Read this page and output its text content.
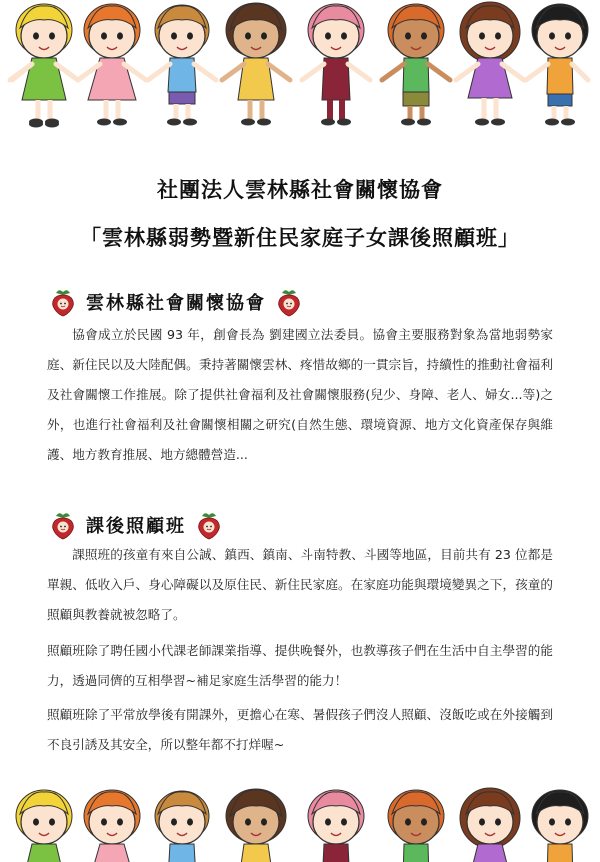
社團法人雲林縣社會關懷協會
「雲林縣弱勢暨新住民家庭子女課後照顧班」
雲林縣社會關懷協會
協會成立於民國 93 年，創會長為 劉建國立法委員。協會主要服務對象為當地弱勢家庭、新住民以及大陸配偶。秉持著關懷雲林、疼惜故鄉的一貫宗旨，持續性的推動社會福利及社會關懷工作推展。除了提供社會福利及社會關懷服務(兒少、身障、老人、婦女...等)之外，也進行社會福利及社會關懷相關之研究(自然生態、環境資源、地方文化資產保存與維護、地方教育推展、地方總體營造...
課後照顧班
課照班的孩童有來自公誠、鎮西、鎮南、斗南特教、斗國等地區，目前共有 23 位都是單親、低收入戶、身心障礙以及原住民、新住民家庭。在家庭功能與環境變異之下，孩童的照顧與教養就被忽略了。
照顧班除了聘任國小代課老師課業指導、提供晚餐外，也教導孩子們在生活中自主學習的能力，透過同儕的互相學習~補足家庭生活學習的能力！
照顧班除了平常放學後有開課外，更擔心在寒、暑假孩子們沒人照顧、沒飯吃或在外接觸到不良引誘及其安全，所以整年都不打烊喔~
